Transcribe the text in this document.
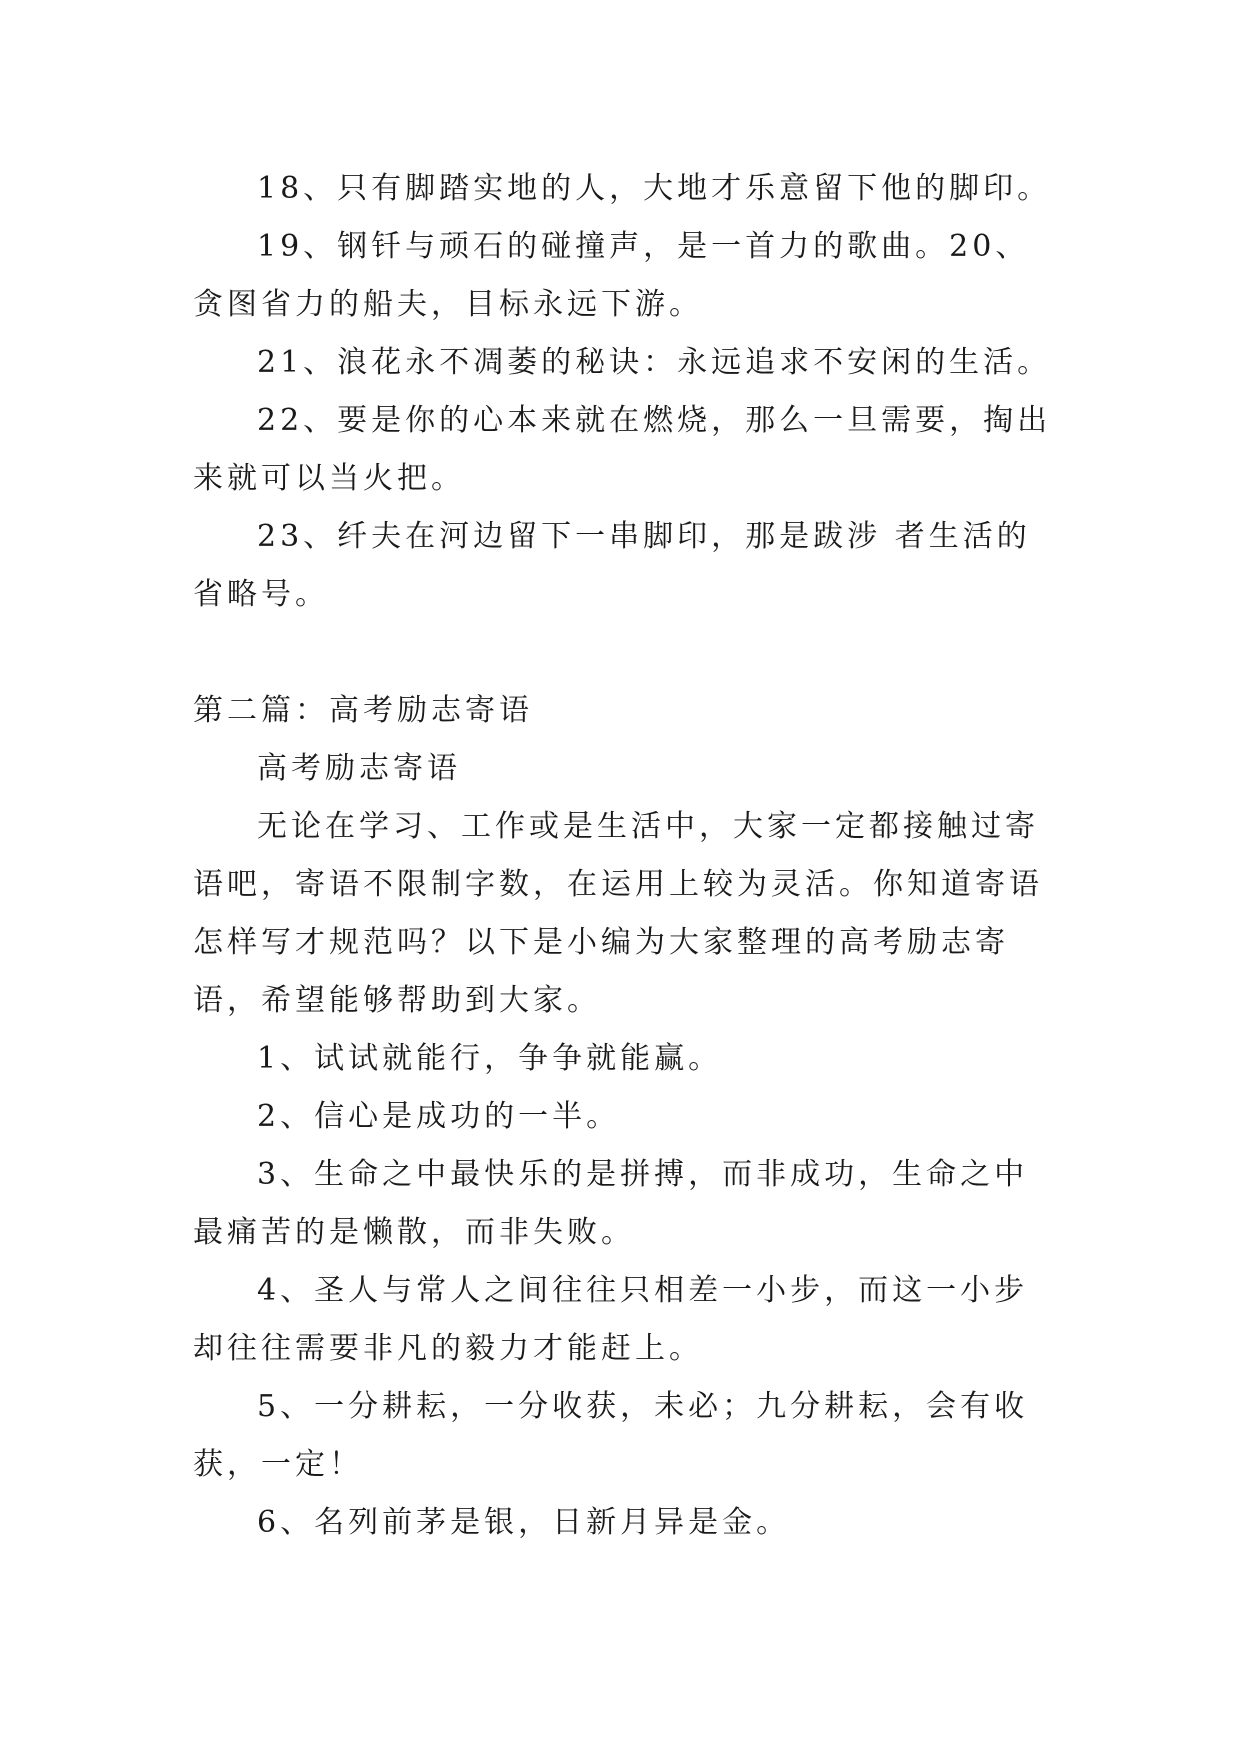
18、只有脚踏实地的人，大地才乐意留下他的脚印。

19、钢钎与顽石的碰撞声，是一首力的歌曲。20、贪图省力的船夫，目标永远下游。

21、浪花永不凋萎的秘诀：永远追求不安闲的生活。

22、要是你的心本来就在燃烧，那么一旦需要，掏出来就可以当火把。

23、纤夫在河边留下一串脚印，那是跋涉 者生活的省略号。

第二篇：高考励志寄语

高考励志寄语

无论在学习、工作或是生活中，大家一定都接触过寄语吧，寄语不限制字数，在运用上较为灵活。你知道寄语怎样写才规范吗？以下是小编为大家整理的高考励志寄语，希望能够帮助到大家。

1、试试就能行，争争就能赢。

2、信心是成功的一半。

3、生命之中最快乐的是拼搏，而非成功，生命之中最痛苦的是懒散，而非失败。

4、圣人与常人之间往往只相差一小步，而这一小步却往往需要非凡的毅力才能赶上。

5、一分耕耘，一分收获，未必；九分耕耘，会有收获，一定！

6、名列前茅是银，日新月异是金。
